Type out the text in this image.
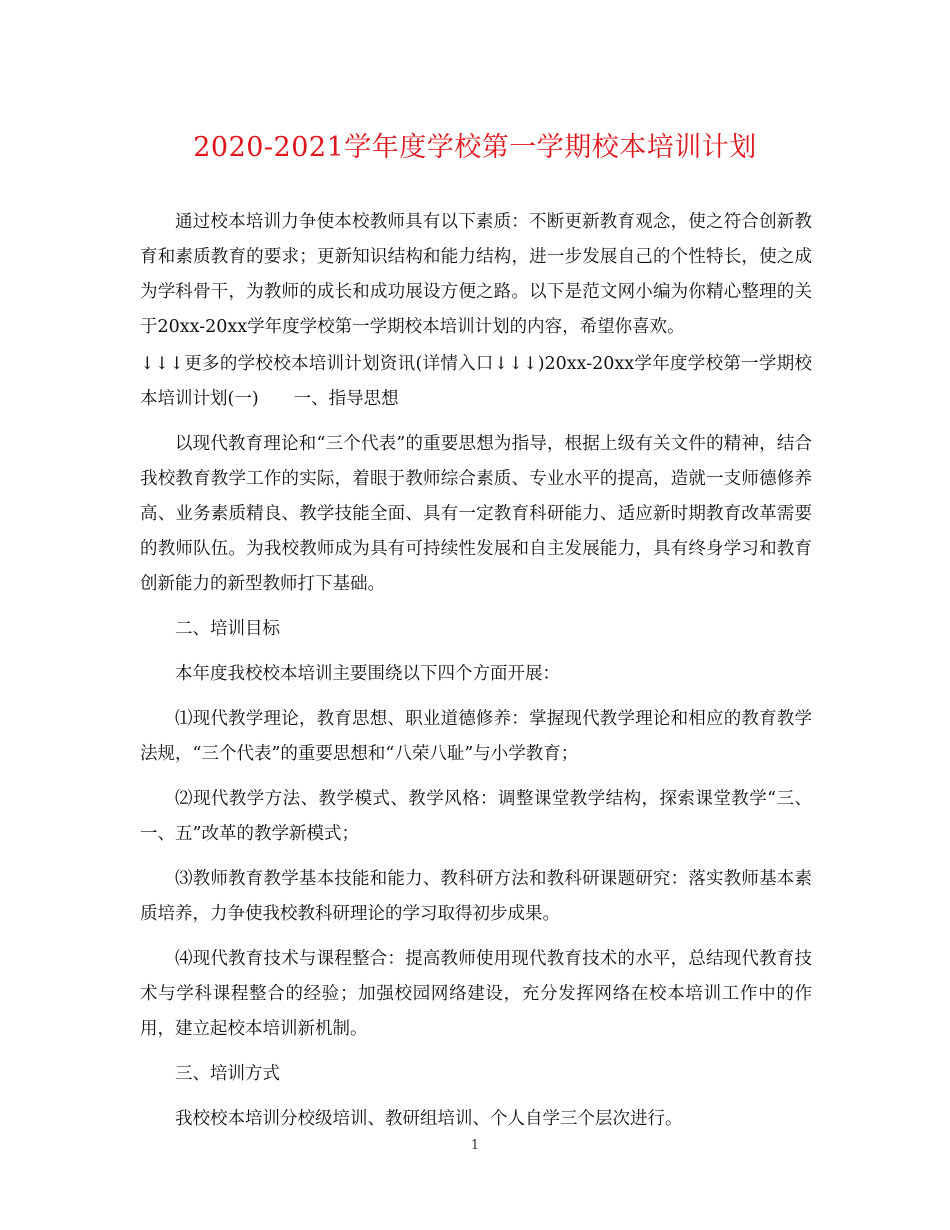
2020-2021学年度学校第一学期校本培训计划

通过校本培训力争使本校教师具有以下素质：不断更新教育观念，使之符合创新教育和素质教育的要求；更新知识结构和能力结构，进一步发展自己的个性特长，使之成为学科骨干，为教师的成长和成功展设方便之路。以下是范文网小编为你精心整理的关于20xx-20xx学年度学校第一学期校本培训计划的内容，希望你喜欢。

↓↓↓更多的学校校本培训计划资讯(详情入口↓↓↓)20xx-20xx学年度学校第一学期校本培训计划(一)　　一、指导思想

以现代教育理论和“三个代表”的重要思想为指导，根据上级有关文件的精神，结合我校教育教学工作的实际，着眼于教师综合素质、专业水平的提高，造就一支师德修养高、业务素质精良、教学技能全面、具有一定教育科研能力、适应新时期教育改革需要的教师队伍。为我校教师成为具有可持续性发展和自主发展能力，具有终身学习和教育创新能力的新型教师打下基础。

二、培训目标

本年度我校校本培训主要围绕以下四个方面开展：

⑴现代教学理论，教育思想、职业道德修养：掌握现代教学理论和相应的教育教学法规，“三个代表”的重要思想和“八荣八耻”与小学教育；

⑵现代教学方法、教学模式、教学风格：调整课堂教学结构，探索课堂教学“三、一、五”改革的教学新模式；

⑶教师教育教学基本技能和能力、教科研方法和教科研课题研究：落实教师基本素质培养，力争使我校教科研理论的学习取得初步成果。

⑷现代教育技术与课程整合：提高教师使用现代教育技术的水平，总结现代教育技术与学科课程整合的经验；加强校园网络建设，充分发挥网络在校本培训工作中的作用，建立起校本培训新机制。

三、培训方式

我校校本培训分校级培训、教研组培训、个人自学三个层次进行。

1
